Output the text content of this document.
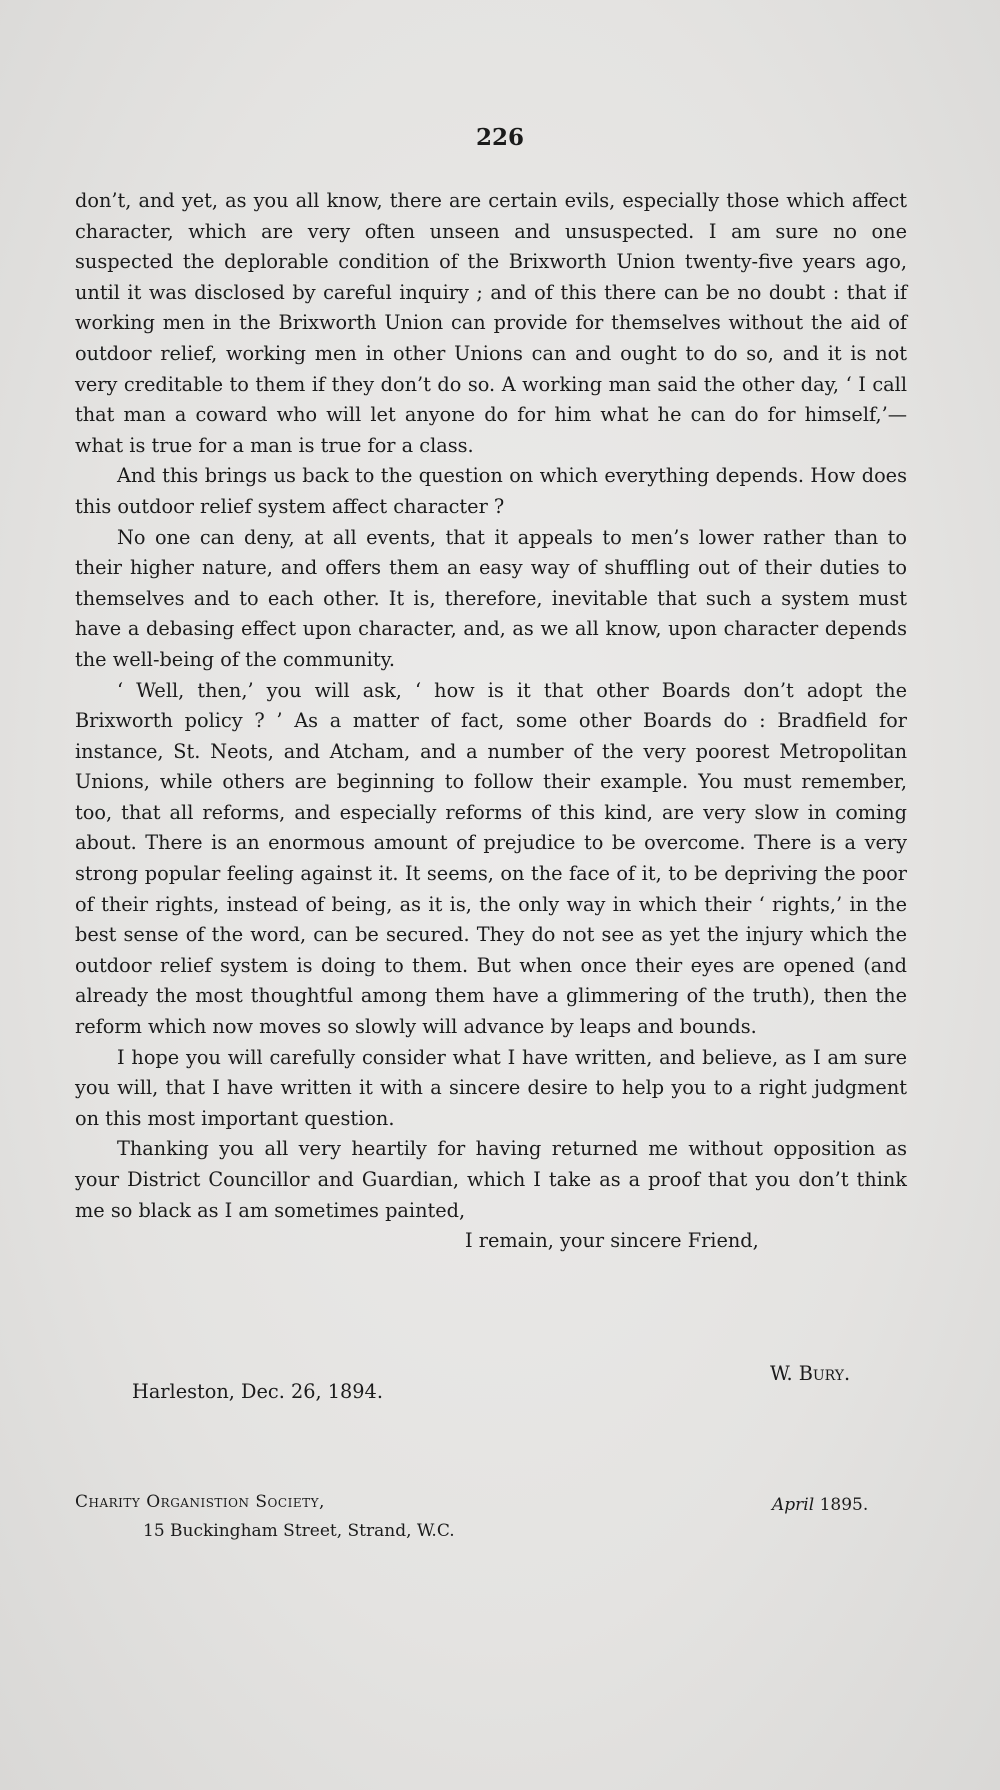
226

don’t, and yet, as you all know, there are certain evils, especially those which affect character, which are very often unseen and unsuspected. I am sure no one suspected the deplorable condition of the Brixworth Union twenty-five years ago, until it was disclosed by careful inquiry ; and of this there can be no doubt : that if working men in the Brixworth Union can provide for themselves without the aid of outdoor relief, working men in other Unions can and ought to do so, and it is not very creditable to them if they don’t do so. A working man said the other day, ‘ I call that man a coward who will let anyone do for him what he can do for himself,’—what is true for a man is true for a class.

And this brings us back to the question on which everything depends. How does this outdoor relief system affect character ?

No one can deny, at all events, that it appeals to men’s lower rather than to their higher nature, and offers them an easy way of shuffling out of their duties to themselves and to each other. It is, therefore, inevitable that such a system must have a debasing effect upon character, and, as we all know, upon character depends the well-being of the community.

‘ Well, then,’ you will ask, ‘ how is it that other Boards don’t adopt the Brixworth policy ? ’ As a matter of fact, some other Boards do : Bradfield for instance, St. Neots, and Atcham, and a number of the very poorest Metropolitan Unions, while others are beginning to follow their example. You must remember, too, that all reforms, and especially reforms of this kind, are very slow in coming about. There is an enormous amount of prejudice to be overcome. There is a very strong popular feeling against it. It seems, on the face of it, to be depriving the poor of their rights, instead of being, as it is, the only way in which their ‘ rights,’ in the best sense of the word, can be secured. They do not see as yet the injury which the outdoor relief system is doing to them. But when once their eyes are opened (and already the most thoughtful among them have a glimmering of the truth), then the reform which now moves so slowly will advance by leaps and bounds.

I hope you will carefully consider what I have written, and believe, as I am sure you will, that I have written it with a sincere desire to help you to a right judgment on this most important question.

Thanking you all very heartily for having returned me without opposition as your District Councillor and Guardian, which I take as a proof that you don’t think me so black as I am sometimes painted,

I remain, your sincere Friend,

W. Bury.
Harleston, Dec. 26, 1894.
Charity Organistion Society,
15 Buckingham Street, Strand, W.C.
April 1895.
